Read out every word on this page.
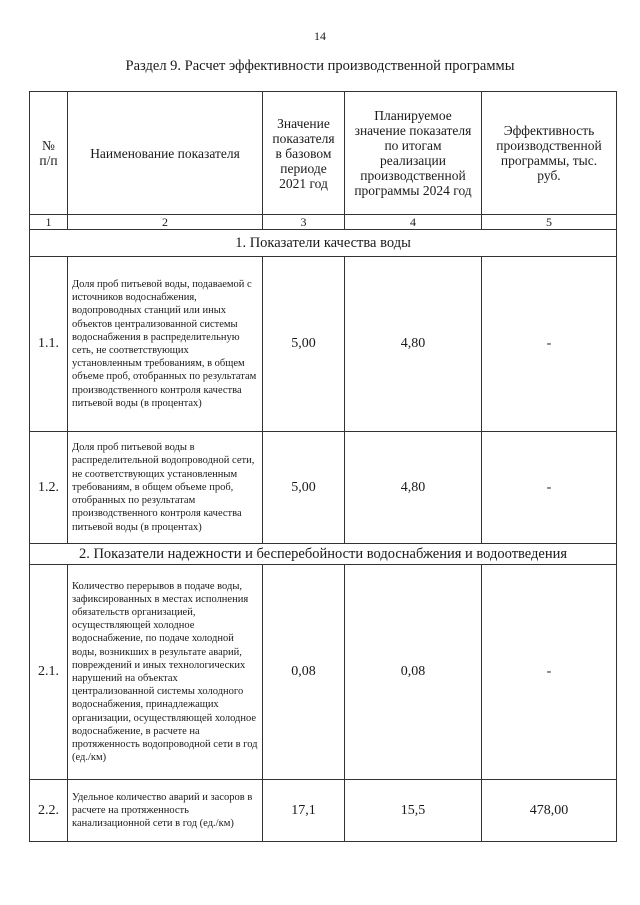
14
Раздел 9. Расчет эффективности производственной программы
№ п/п	Наименование показателя	Значение показателя в базовом периоде 2021 год	Планируемое значение показателя по итогам реализации производственной программы 2024 год	Эффективность производственной программы, тыс. руб.

1	2	3	4	5
1. Показатели качества воды				
1.1.	Доля проб питьевой воды, подаваемой с источников водоснабжения, водопроводных станций или иных объектов централизованной системы водоснабжения в распределительную сеть, не соответствующих установленным требованиям, в общем объеме проб, отобранных по результатам производственного контроля качества питьевой воды (в процентах)	5,00	4,80	-
1.2.	Доля проб питьевой воды в распределительной водопроводной сети, не соответствующих установленным требованиям, в общем объеме проб, отобранных по результатам производственного контроля качества питьевой воды (в процентах)	5,00	4,80	-
2. Показатели надежности и бесперебойности водоснабжения и водоотведения				
2.1.	Количество перерывов в подаче воды, зафиксированных в местах исполнения обязательств организацией, осуществляющей холодное водоснабжение, по подаче холодной воды, возникших в результате аварий, повреждений и иных технологических нарушений на объектах централизованной системы холодного водоснабжения, принадлежащих организации, осуществляющей холодное водоснабжение, в расчете на протяженность водопроводной сети в год (ед./км)	0,08	0,08	-
2.2.	Удельное количество аварий и засоров в расчете на протяженность канализационной сети в год (ед./км)	17,1	15,5	478,00
